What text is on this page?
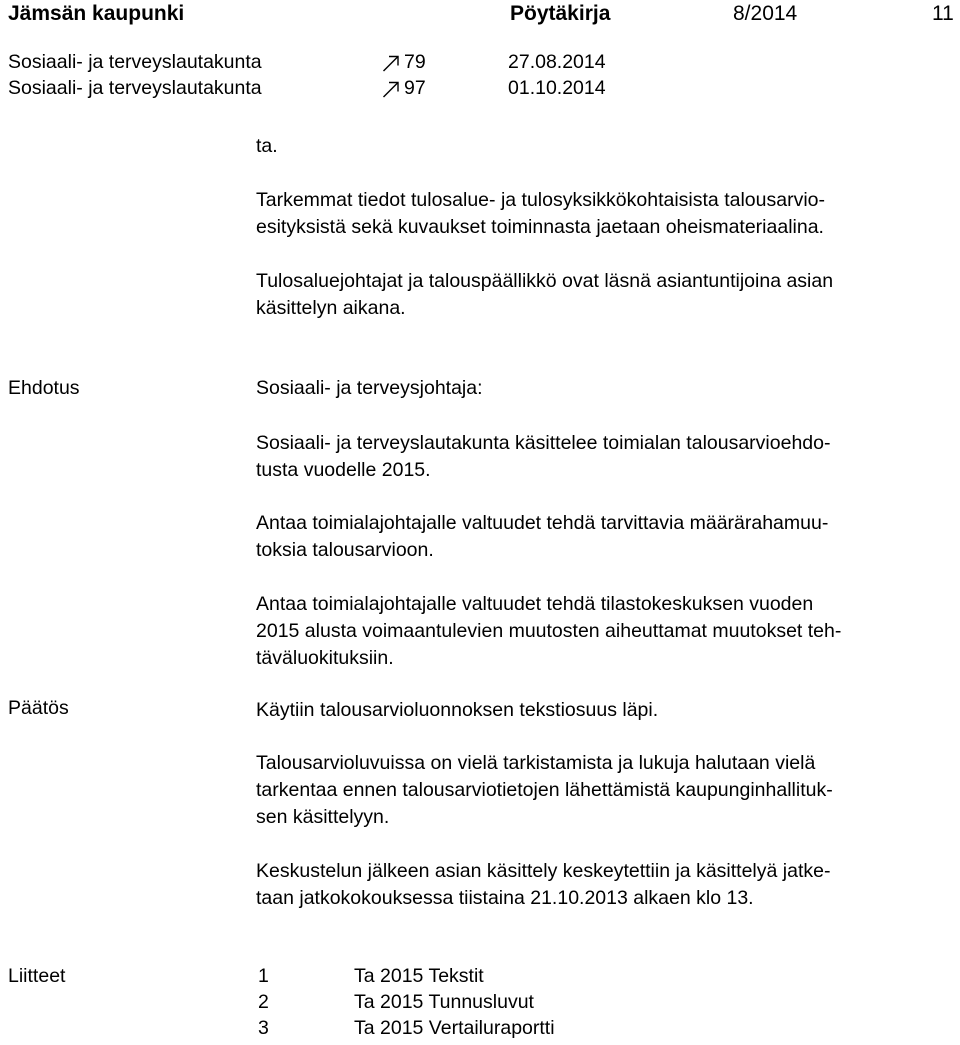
Jämsän kaupunki	Pöytäkirja	8/2014	11
Sosiaali- ja terveyslautakunta	79	27.08.2014
Sosiaali- ja terveyslautakunta	97	01.10.2014
ta.
Tarkemmat tiedot tulosalue- ja tulosyksikkökohtaisista talousarvio-
esityksistä sekä kuvaukset toiminnasta jaetaan oheismateriaalina.
Tulosaluejohtajat ja talouspäällikkö ovat läsnä asiantuntijoina asian
käsittelyn aikana.
Ehdotus	Sosiaali- ja terveysjohtaja:
Sosiaali- ja terveyslautakunta käsittelee toimialan talousarvioehdo-
tusta vuodelle 2015.
Antaa toimialajohtajalle valtuudet tehdä tarvittavia määrärahamuu-
toksia talousarvioon.
Antaa toimialajohtajalle valtuudet tehdä tilastokeskuksen vuoden
2015 alusta voimaantulevien muutosten aiheuttamat muutokset teh-
täväluokituksiin.
Päätös	Käytiin talousarvioluonnoksen tekstiosuus läpi.
Talousarvioluvuissa on vielä tarkistamista ja lukuja halutaan vielä
tarkentaa ennen talousarviotietojen lähettämistä kaupunginhallituk-
sen käsittelyyn.
Keskustelun jälkeen asian käsittely keskeytettiin ja käsittelyä jatke-
taan jatkokokouksessa tiistaina 21.10.2013 alkaen klo 13.
Liitteet	1	Ta 2015 Tekstit
2	Ta 2015 Tunnusluvut
3	Ta 2015 Vertailuraportti
